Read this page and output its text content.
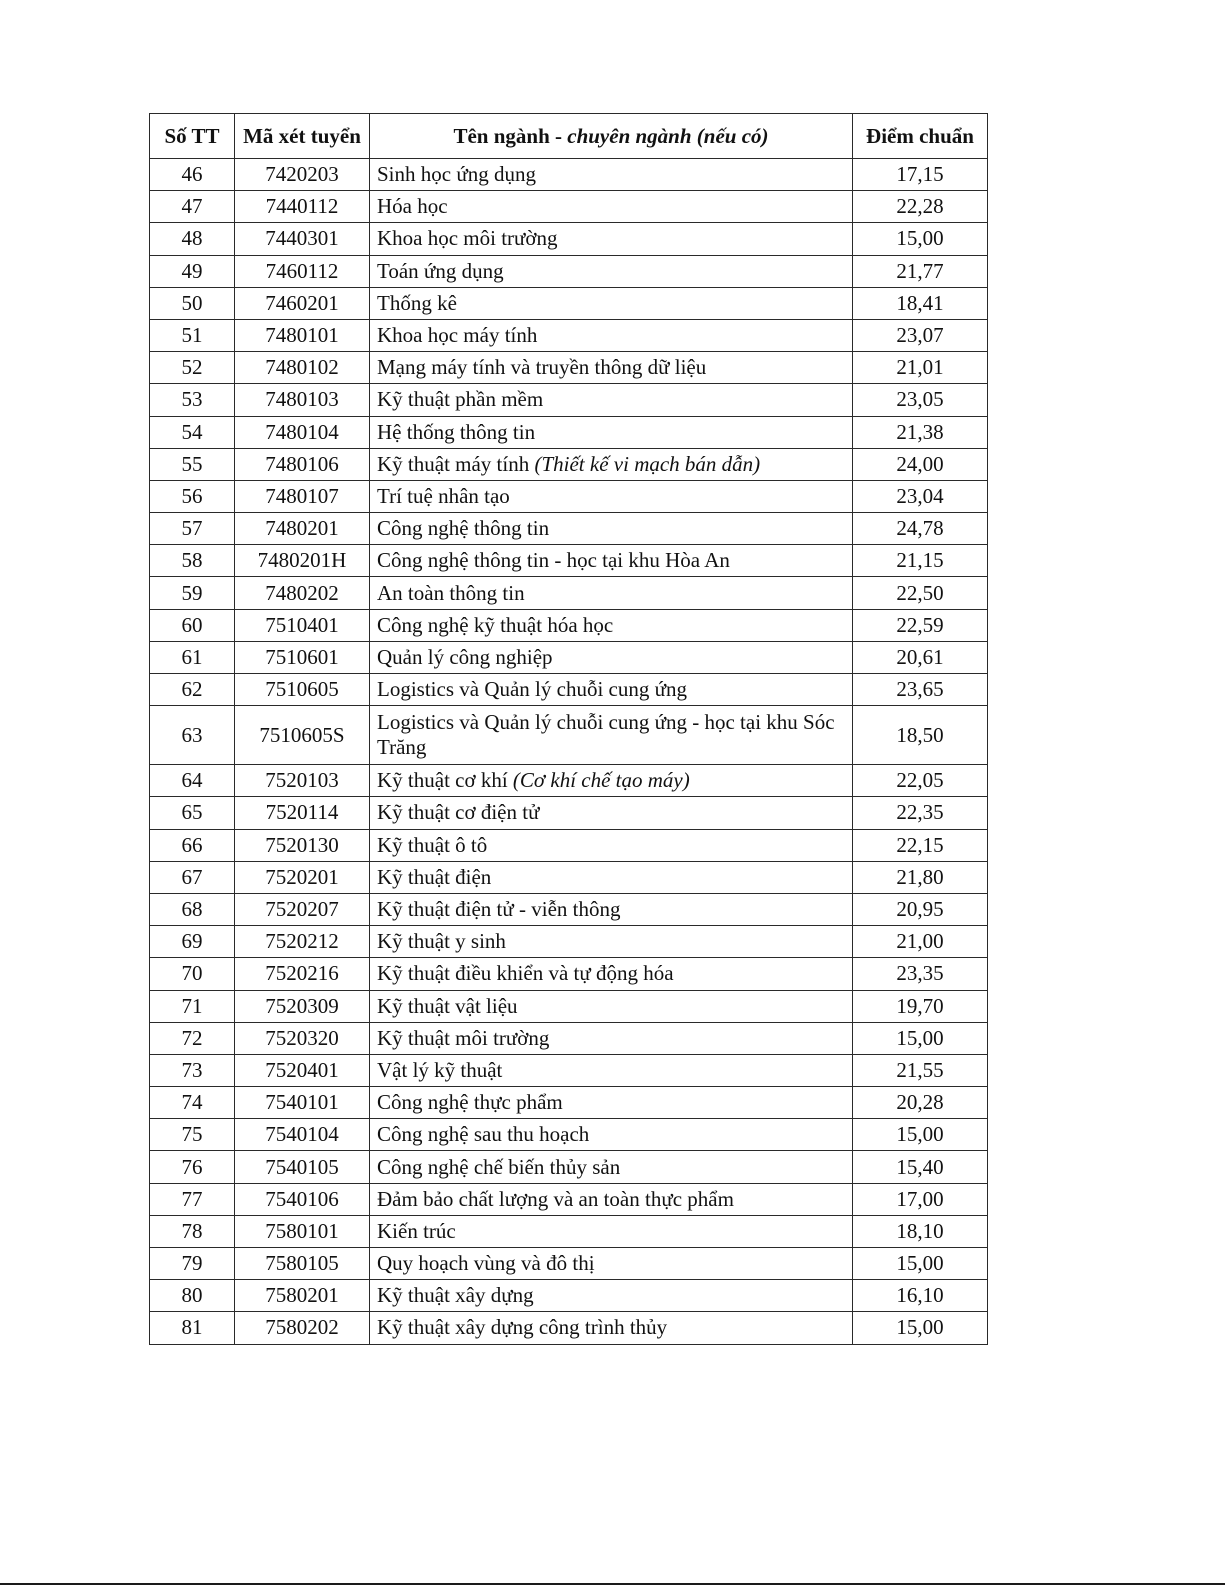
Số TT	Mã xét tuyển	Tên ngành - chuyên ngành (nếu có)	Điểm chuẩn
46	7420203	Sinh học ứng dụng	17,15
47	7440112	Hóa học	22,28
48	7440301	Khoa học môi trường	15,00
49	7460112	Toán ứng dụng	21,77
50	7460201	Thống kê	18,41
51	7480101	Khoa học máy tính	23,07
52	7480102	Mạng máy tính và truyền thông dữ liệu	21,01
53	7480103	Kỹ thuật phần mềm	23,05
54	7480104	Hệ thống thông tin	21,38
55	7480106	Kỹ thuật máy tính (Thiết kế vi mạch bán dẫn)	24,00
56	7480107	Trí tuệ nhân tạo	23,04
57	7480201	Công nghệ thông tin	24,78
58	7480201H	Công nghệ thông tin - học tại khu Hòa An	21,15
59	7480202	An toàn thông tin	22,50
60	7510401	Công nghệ kỹ thuật hóa học	22,59
61	7510601	Quản lý công nghiệp	20,61
62	7510605	Logistics và Quản lý chuỗi cung ứng	23,65
63	7510605S	Logistics và Quản lý chuỗi cung ứng - học tại khu Sóc Trăng	18,50
64	7520103	Kỹ thuật cơ khí (Cơ khí chế tạo máy)	22,05
65	7520114	Kỹ thuật cơ điện tử	22,35
66	7520130	Kỹ thuật ô tô	22,15
67	7520201	Kỹ thuật điện	21,80
68	7520207	Kỹ thuật điện tử - viễn thông	20,95
69	7520212	Kỹ thuật y sinh	21,00
70	7520216	Kỹ thuật điều khiển và tự động hóa	23,35
71	7520309	Kỹ thuật vật liệu	19,70
72	7520320	Kỹ thuật môi trường	15,00
73	7520401	Vật lý kỹ thuật	21,55
74	7540101	Công nghệ thực phẩm	20,28
75	7540104	Công nghệ sau thu hoạch	15,00
76	7540105	Công nghệ chế biến thủy sản	15,40
77	7540106	Đảm bảo chất lượng và an toàn thực phẩm	17,00
78	7580101	Kiến trúc	18,10
79	7580105	Quy hoạch vùng và đô thị	15,00
80	7580201	Kỹ thuật xây dựng	16,10
81	7580202	Kỹ thuật xây dựng công trình thủy	15,00
